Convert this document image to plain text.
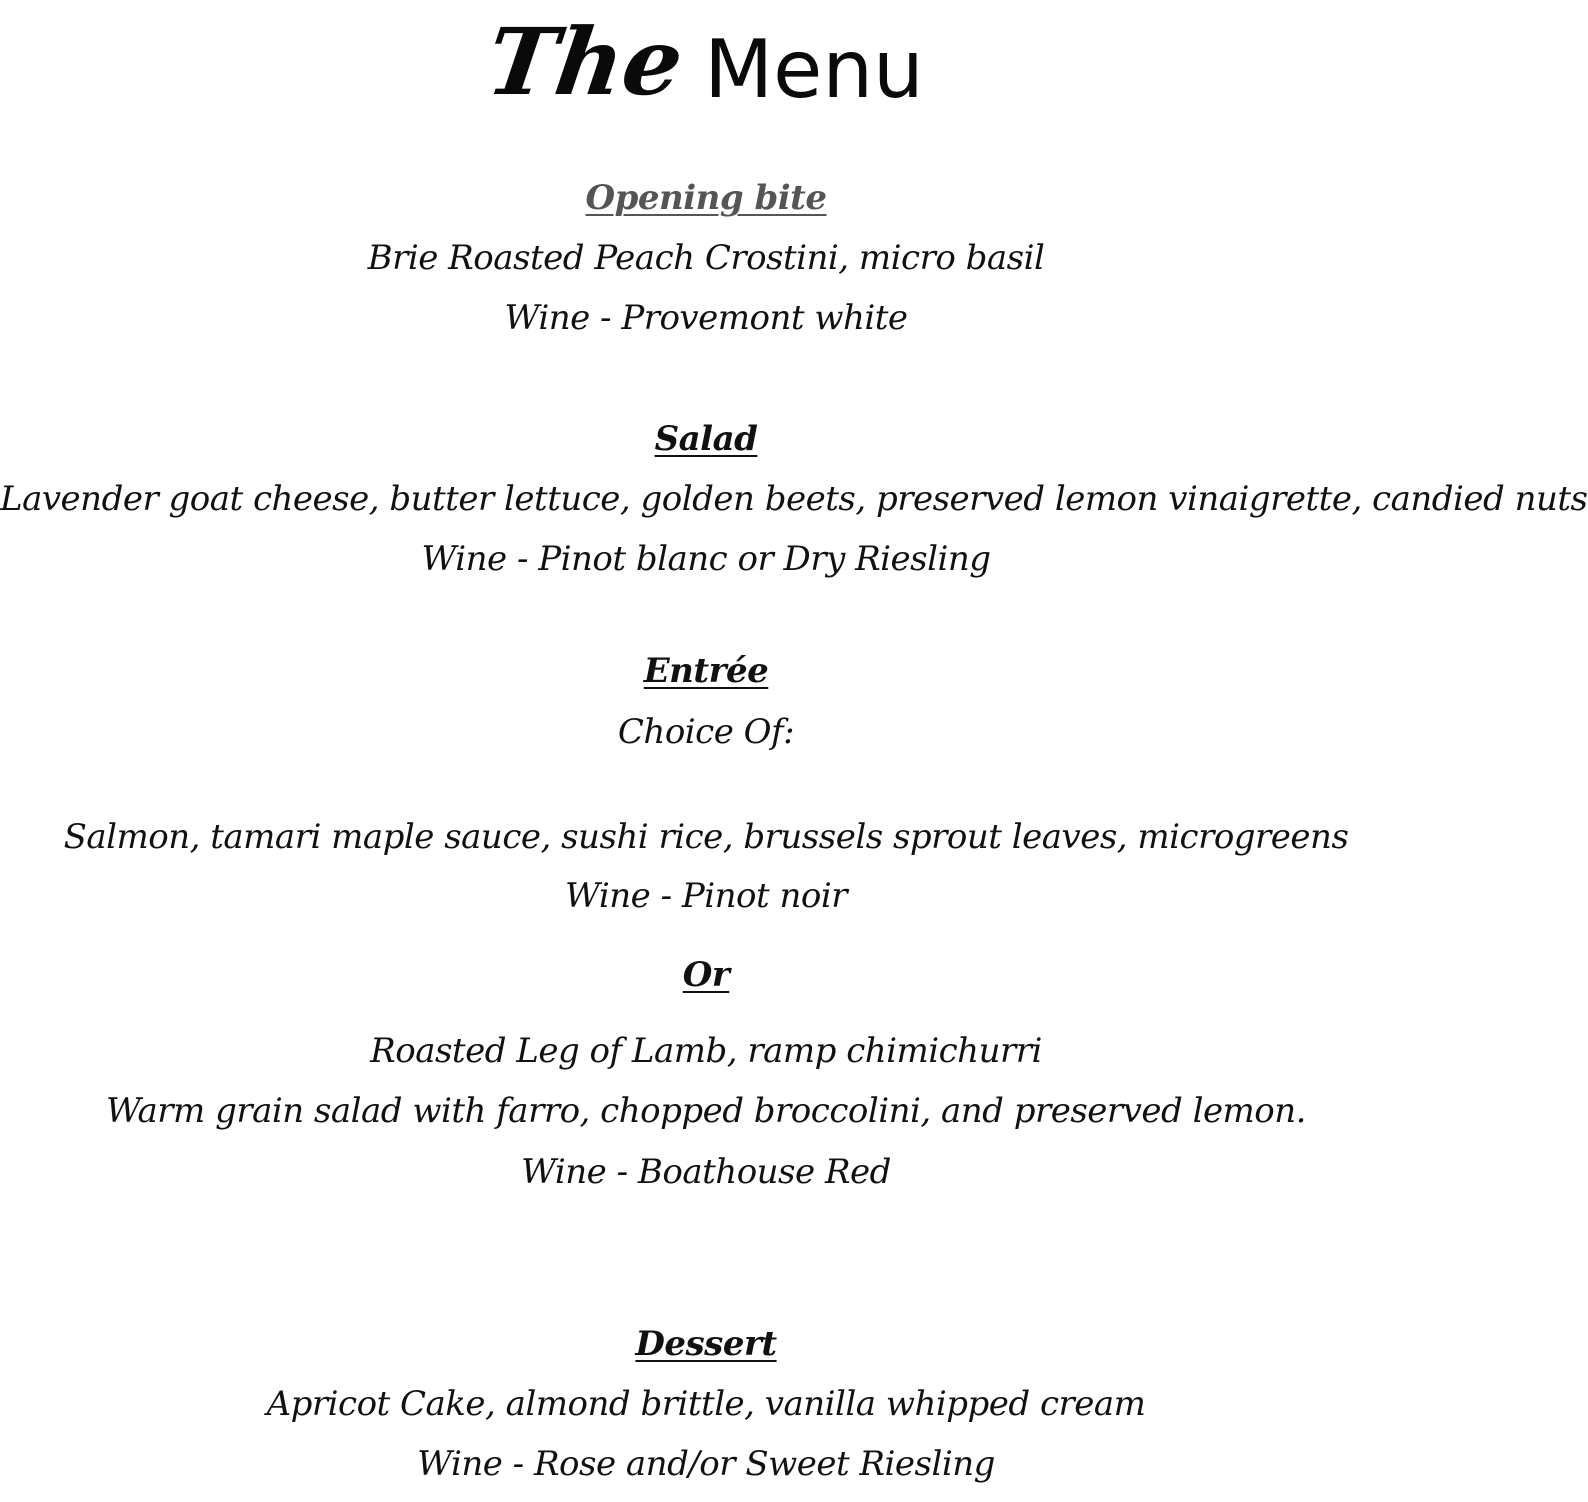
The Menu
Opening bite
Brie Roasted Peach Crostini, micro basil
Wine - Provemont white
Salad
Lavender goat cheese, butter lettuce, golden beets, preserved lemon vinaigrette, candied nuts
Wine - Pinot blanc or Dry Riesling
Entrée
Choice Of:
Salmon, tamari maple sauce, sushi rice, brussels sprout leaves, microgreens
Wine - Pinot noir
Or
Roasted Leg of Lamb, ramp chimichurri
Warm grain salad with farro, chopped broccolini, and preserved lemon.
Wine - Boathouse Red
Dessert
Apricot Cake, almond brittle, vanilla whipped cream
Wine - Rose and/or Sweet Riesling
